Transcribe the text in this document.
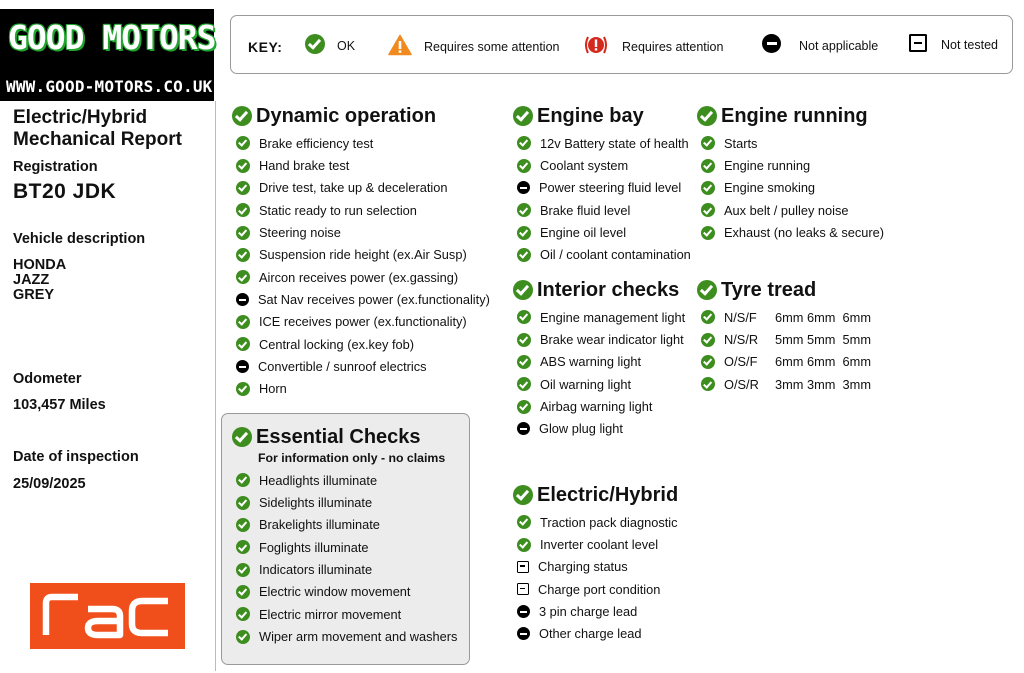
GOOD MOTORS
WWW.GOOD-MOTORS.CO.UK
Electric/Hybrid Mechanical Report
Registration
BT20 JDK
Vehicle description
HONDA
JAZZ
GREY
Odometer
103,457 Miles
Date of inspection
25/09/2025
KEY:	OK	Requires some attention	Requires attention	Not applicable	Not tested
Dynamic operation
Brake efficiency test
Hand brake test
Drive test, take up & deceleration
Static ready to run selection
Steering noise
Suspension ride height (ex.Air Susp)
Aircon receives power (ex.gassing)
Sat Nav receives power (ex.functionality)
ICE receives power (ex.functionality)
Central locking (ex.key fob)
Convertible / sunroof electrics
Horn
Essential Checks
For information only - no claims
Headlights illuminate
Sidelights illuminate
Brakelights illuminate
Foglights illuminate
Indicators illuminate
Electric window movement
Electric mirror movement
Wiper arm movement and washers
Engine bay
12v Battery state of health
Coolant system
Power steering fluid level
Brake fluid level
Engine oil level
Oil / coolant contamination
Interior checks
Engine management light
Brake wear indicator light
ABS warning light
Oil warning light
Airbag warning light
Glow plug light
Electric/Hybrid
Traction pack diagnostic
Inverter coolant level
Charging status
Charge port condition
3 pin charge lead
Other charge lead
Engine running
Starts
Engine running
Engine smoking
Aux belt / pulley noise
Exhaust (no leaks & secure)
Tyre tread
N/S/F	6mm 6mm  6mm
N/S/R	5mm 5mm  5mm
O/S/F	6mm 6mm  6mm
O/S/R	3mm 3mm  3mm
